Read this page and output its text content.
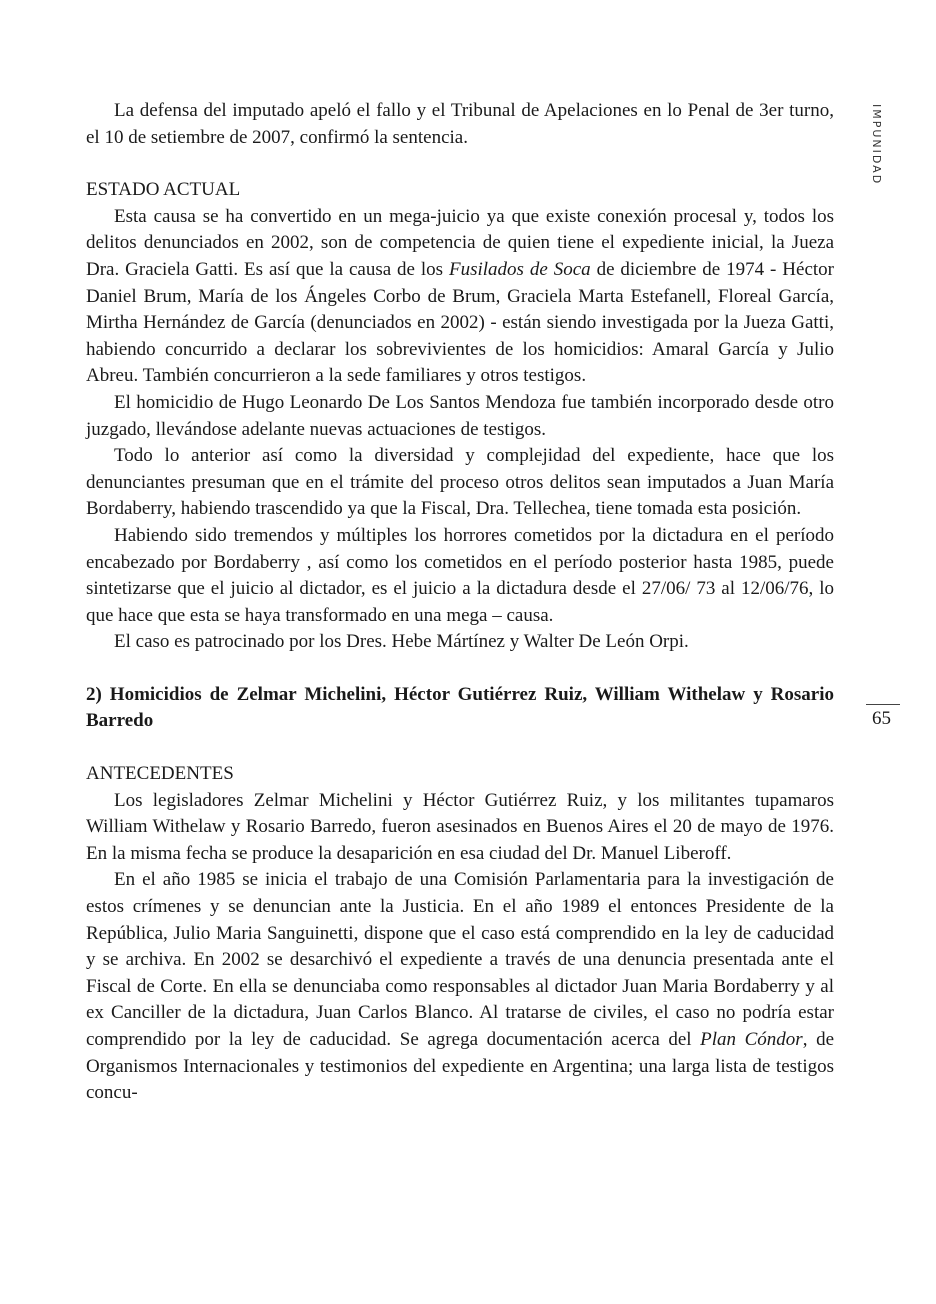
IMPUNIDAD
65

La defensa del imputado apeló el fallo y el Tribunal de Apelaciones en lo Penal de 3er turno, el 10 de setiembre de 2007, confirmó la sentencia.

ESTADO ACTUAL

Esta causa se ha convertido en un mega-juicio ya que existe conexión procesal y, todos los delitos denunciados en 2002, son de competencia de quien tiene el expediente inicial, la Jueza Dra. Graciela Gatti. Es así que la causa de los Fusilados de Soca de diciembre de 1974 - Héctor Daniel Brum, María de los Ángeles Corbo de Brum, Graciela Marta Estefanell, Floreal García, Mirtha Hernández de García (denunciados en 2002) - están siendo investigada por la Jueza Gatti, habiendo concurrido a declarar los sobrevivientes de los homicidios: Amaral García y Julio Abreu. También concurrieron a la sede familiares y otros testigos.

El homicidio de Hugo Leonardo De Los Santos Mendoza fue también incorporado desde otro juzgado, llevándose adelante nuevas actuaciones de testigos.

Todo lo anterior así como la diversidad y complejidad del expediente, hace que los denunciantes presuman que en el trámite del proceso otros delitos sean imputados a Juan María Bordaberry, habiendo trascendido ya que la Fiscal, Dra. Tellechea, tiene tomada esta posición.

Habiendo sido tremendos y múltiples los horrores cometidos por la dictadura en el período encabezado por Bordaberry , así como los cometidos en el período posterior hasta 1985, puede sintetizarse que el juicio al dictador, es el juicio a la dictadura desde el 27/06/ 73 al 12/06/76, lo que hace que esta se haya transformado en una mega – causa.

El caso es patrocinado por los Dres. Hebe Mártínez y Walter De León Orpi.

2) Homicidios de Zelmar Michelini, Héctor Gutiérrez Ruiz, William Withelaw y Rosario Barredo

ANTECEDENTES

Los legisladores Zelmar Michelini y Héctor Gutiérrez Ruiz, y los militantes tupamaros William Withelaw y Rosario Barredo, fueron asesinados en Buenos Aires el 20 de mayo de 1976. En la misma fecha se produce la desaparición en esa ciudad del Dr. Manuel Liberoff.

En el año 1985 se inicia el trabajo de una Comisión Parlamentaria para la investigación de estos crímenes y se denuncian ante la Justicia. En el año 1989 el entonces Presidente de la República, Julio Maria Sanguinetti, dispone que el caso está comprendido en la ley de caducidad y se archiva. En 2002 se desarchivó el expediente a través de una denuncia presentada ante el Fiscal de Corte. En ella se denunciaba como responsables al dictador Juan Maria Bordaberry y al ex Canciller de la dictadura, Juan Carlos Blanco. Al tratarse de civiles, el caso no podría estar comprendido por la ley de caducidad. Se agrega documentación acerca del Plan Cóndor, de Organismos Internacionales y testimonios del expediente en Argentina; una larga lista de testigos concu-
